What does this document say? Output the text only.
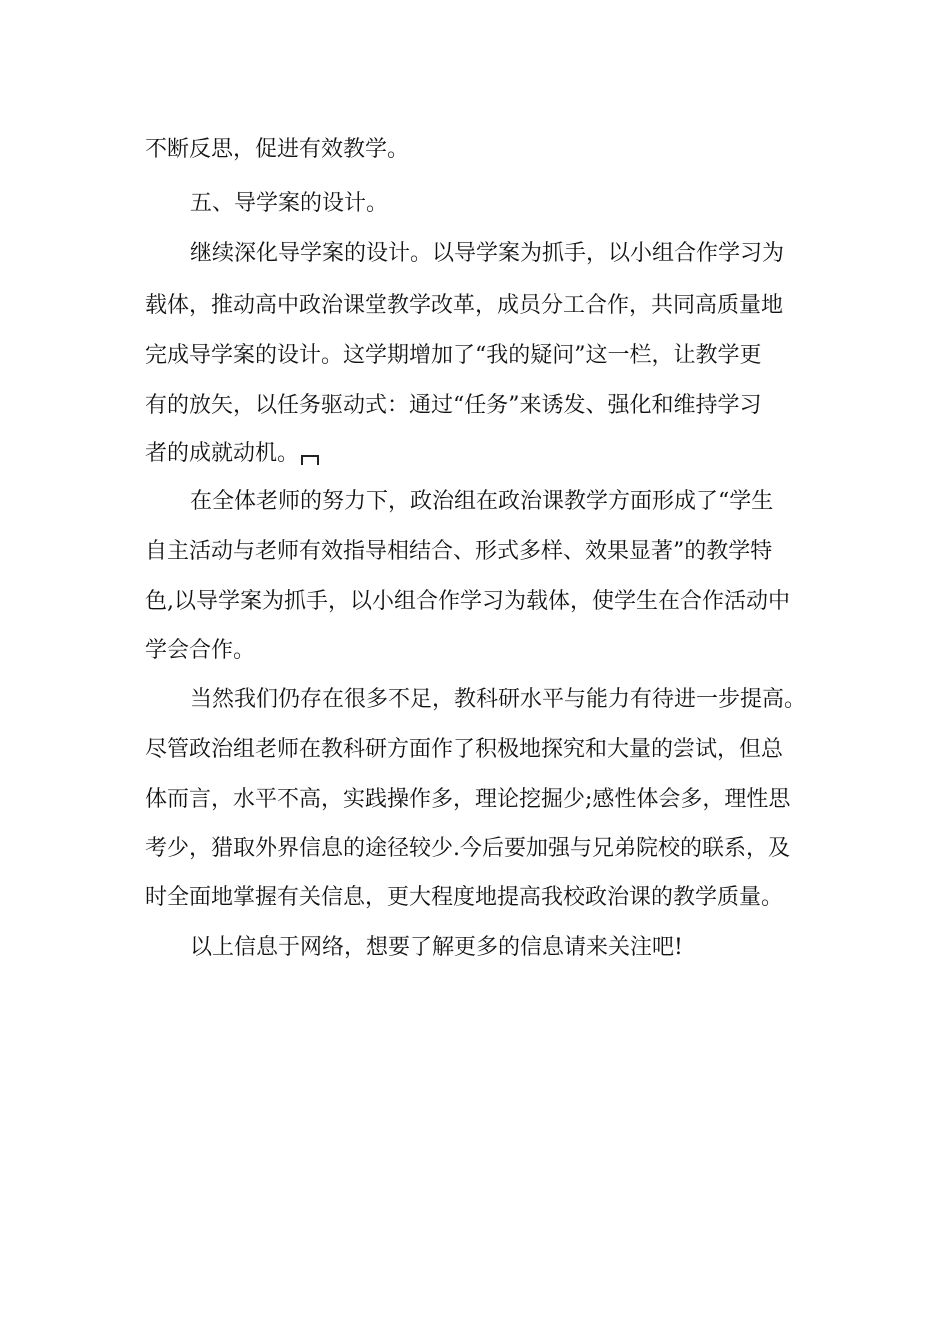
不断反思，促进有效教学。

五、导学案的设计。

继续深化导学案的设计。以导学案为抓手，以小组合作学习为

载体，推动高中政治课堂教学改革，成员分工合作，共同高质量地

完成导学案的设计。这学期增加了“我的疑问”这一栏，让教学更

有的放矢，以任务驱动式：通过“任务”来诱发、强化和维持学习

者的成就动机。

在全体老师的努力下，政治组在政治课教学方面形成了“学生

自主活动与老师有效指导相结合、形式多样、效果显著”的教学特

色,以导学案为抓手，以小组合作学习为载体，使学生在合作活动中

学会合作。

当然我们仍存在很多不足，教科研水平与能力有待进一步提高。

尽管政治组老师在教科研方面作了积极地探究和大量的尝试，但总

体而言，水平不高，实践操作多，理论挖掘少;感性体会多，理性思

考少，猎取外界信息的途径较少.今后要加强与兄弟院校的联系，及

时全面地掌握有关信息，更大程度地提高我校政治课的教学质量。

以上信息于网络，想要了解更多的信息请来关注吧!
